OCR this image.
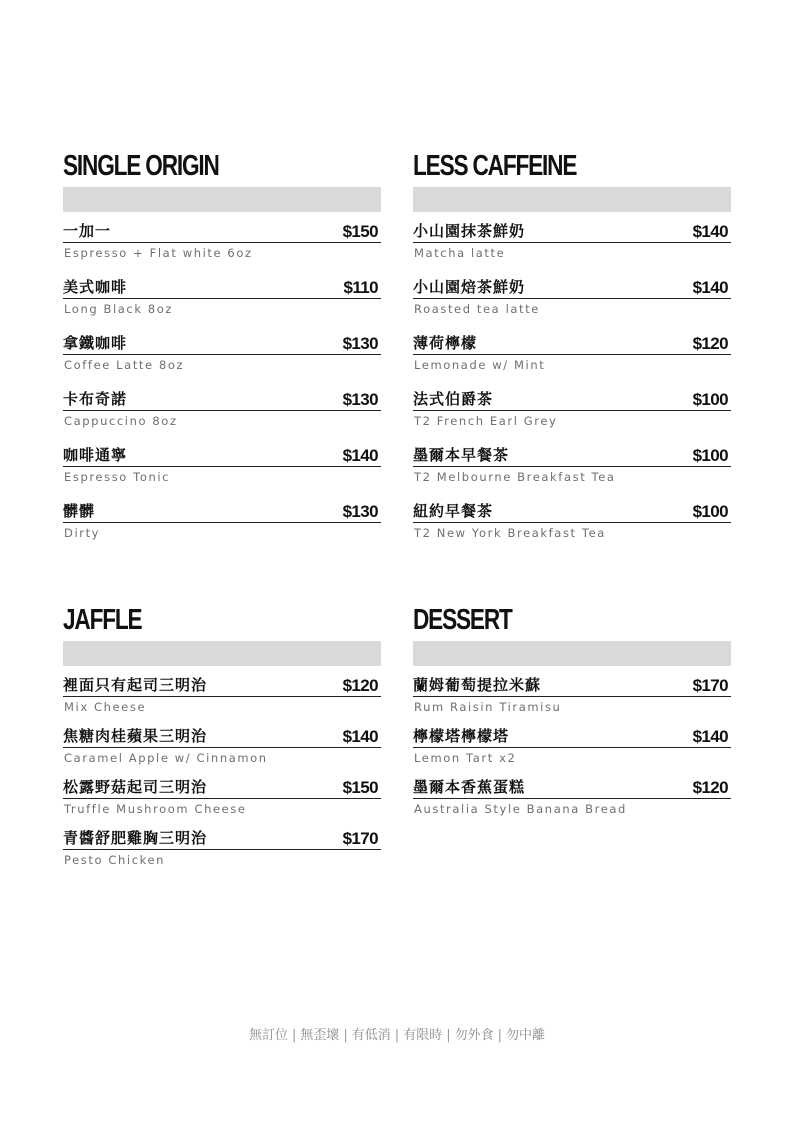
SINGLE ORIGIN
一加一	$150
Espresso + Flat white 6oz
美式咖啡	$110
Long Black 8oz
拿鐵咖啡	$130
Coffee Latte 8oz
卡布奇諾	$130
Cappuccino 8oz
咖啡通寧	$140
Espresso Tonic
髒髒	$130
Dirty
LESS CAFFEINE
小山園抹茶鮮奶	$140
Matcha latte
小山園焙茶鮮奶	$140
Roasted tea latte
薄荷檸檬	$120
Lemonade w/ Mint
法式伯爵茶	$100
T2 French Earl Grey
墨爾本早餐茶	$100
T2 Melbourne Breakfast Tea
紐約早餐茶	$100
T2 New York Breakfast Tea
JAFFLE
裡面只有起司三明治	$120
Mix Cheese
焦糖肉桂蘋果三明治	$140
Caramel Apple w/ Cinnamon
松露野菇起司三明治	$150
Truffle Mushroom Cheese
青醬舒肥雞胸三明治	$170
Pesto Chicken
DESSERT
蘭姆葡萄提拉米蘇	$170
Rum Raisin Tiramisu
檸檬塔檸檬塔	$140
Lemon Tart x2
墨爾本香蕉蛋糕	$120
Australia Style Banana Bread
無訂位 | 無歪壞 | 有低消 | 有限時 | 勿外食 | 勿中離
